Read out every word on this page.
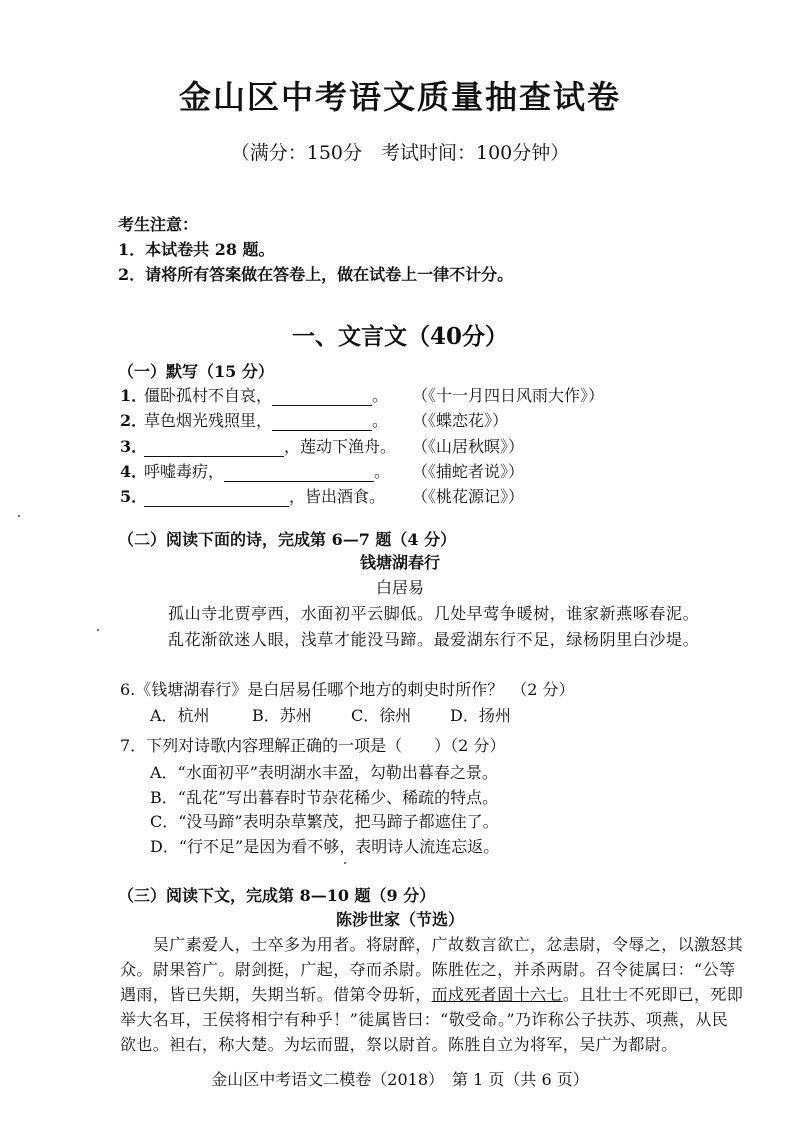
金山区中考语文质量抽查试卷
（满分：150分　考试时间：100分钟）
考生注意：
1．本试卷共 28 题。
2．请将所有答案做在答卷上，做在试卷上一律不计分。
一、文言文（40分）
（一）默写（15 分）
1．僵卧孤村不自哀，	。 （《十一月四日风雨大作》）
2．草色烟光残照里，	。 （《蝶恋花》）
3．	，莲动下渔舟。 （《山居秋暝》）
4．呼嘘毒疠，	。 （《捕蛇者说》）
5．	，皆出酒食。 （《桃花源记》）
（二）阅读下面的诗，完成第 6—7 题（4 分）
钱塘湖春行
白居易
孤山寺北贾亭西，水面初平云脚低。几处早莺争暖树，谁家新燕啄春泥。
乱花渐欲迷人眼，浅草才能没马蹄。最爱湖东行不足，绿杨阴里白沙堤。
6.《钱塘湖春行》是白居易任哪个地方的刺史时所作？　（2 分）
A．杭州	B．苏州 C．徐州 D．扬州
7．下列对诗歌内容理解正确的一项是（　　）（2 分）
A．“水面初平”表明湖水丰盈，勾勒出暮春之景。
B．“乱花”写出暮春时节杂花稀少、稀疏的特点。
C．“没马蹄”表明杂草繁茂，把马蹄子都遮住了。
D．“行不足”是因为看不够，表明诗人流连忘返。
（三）阅读下文，完成第 8—10 题（9 分）
陈涉世家（节选）
　　吴广素爱人，士卒多为用者。将尉醉，广故数言欲亡，忿恚尉，令辱之，以激怒其
众。尉果笞广。尉剑挺，广起，夺而杀尉。陈胜佐之，并杀两尉。召令徒属曰：“公等
遇雨，皆已失期，失期当斩。借第令毋斩，而戍死者固十六七。且壮士不死即已，死即
举大名耳，王侯将相宁有种乎！”徒属皆曰：“敬受命。”乃诈称公子扶苏、项燕，从民
欲也。袒右，称大楚。为坛而盟，祭以尉首。陈胜自立为将军，吴广为都尉。
金山区中考语文二模卷（2018）　第 1 页（共 6 页）
